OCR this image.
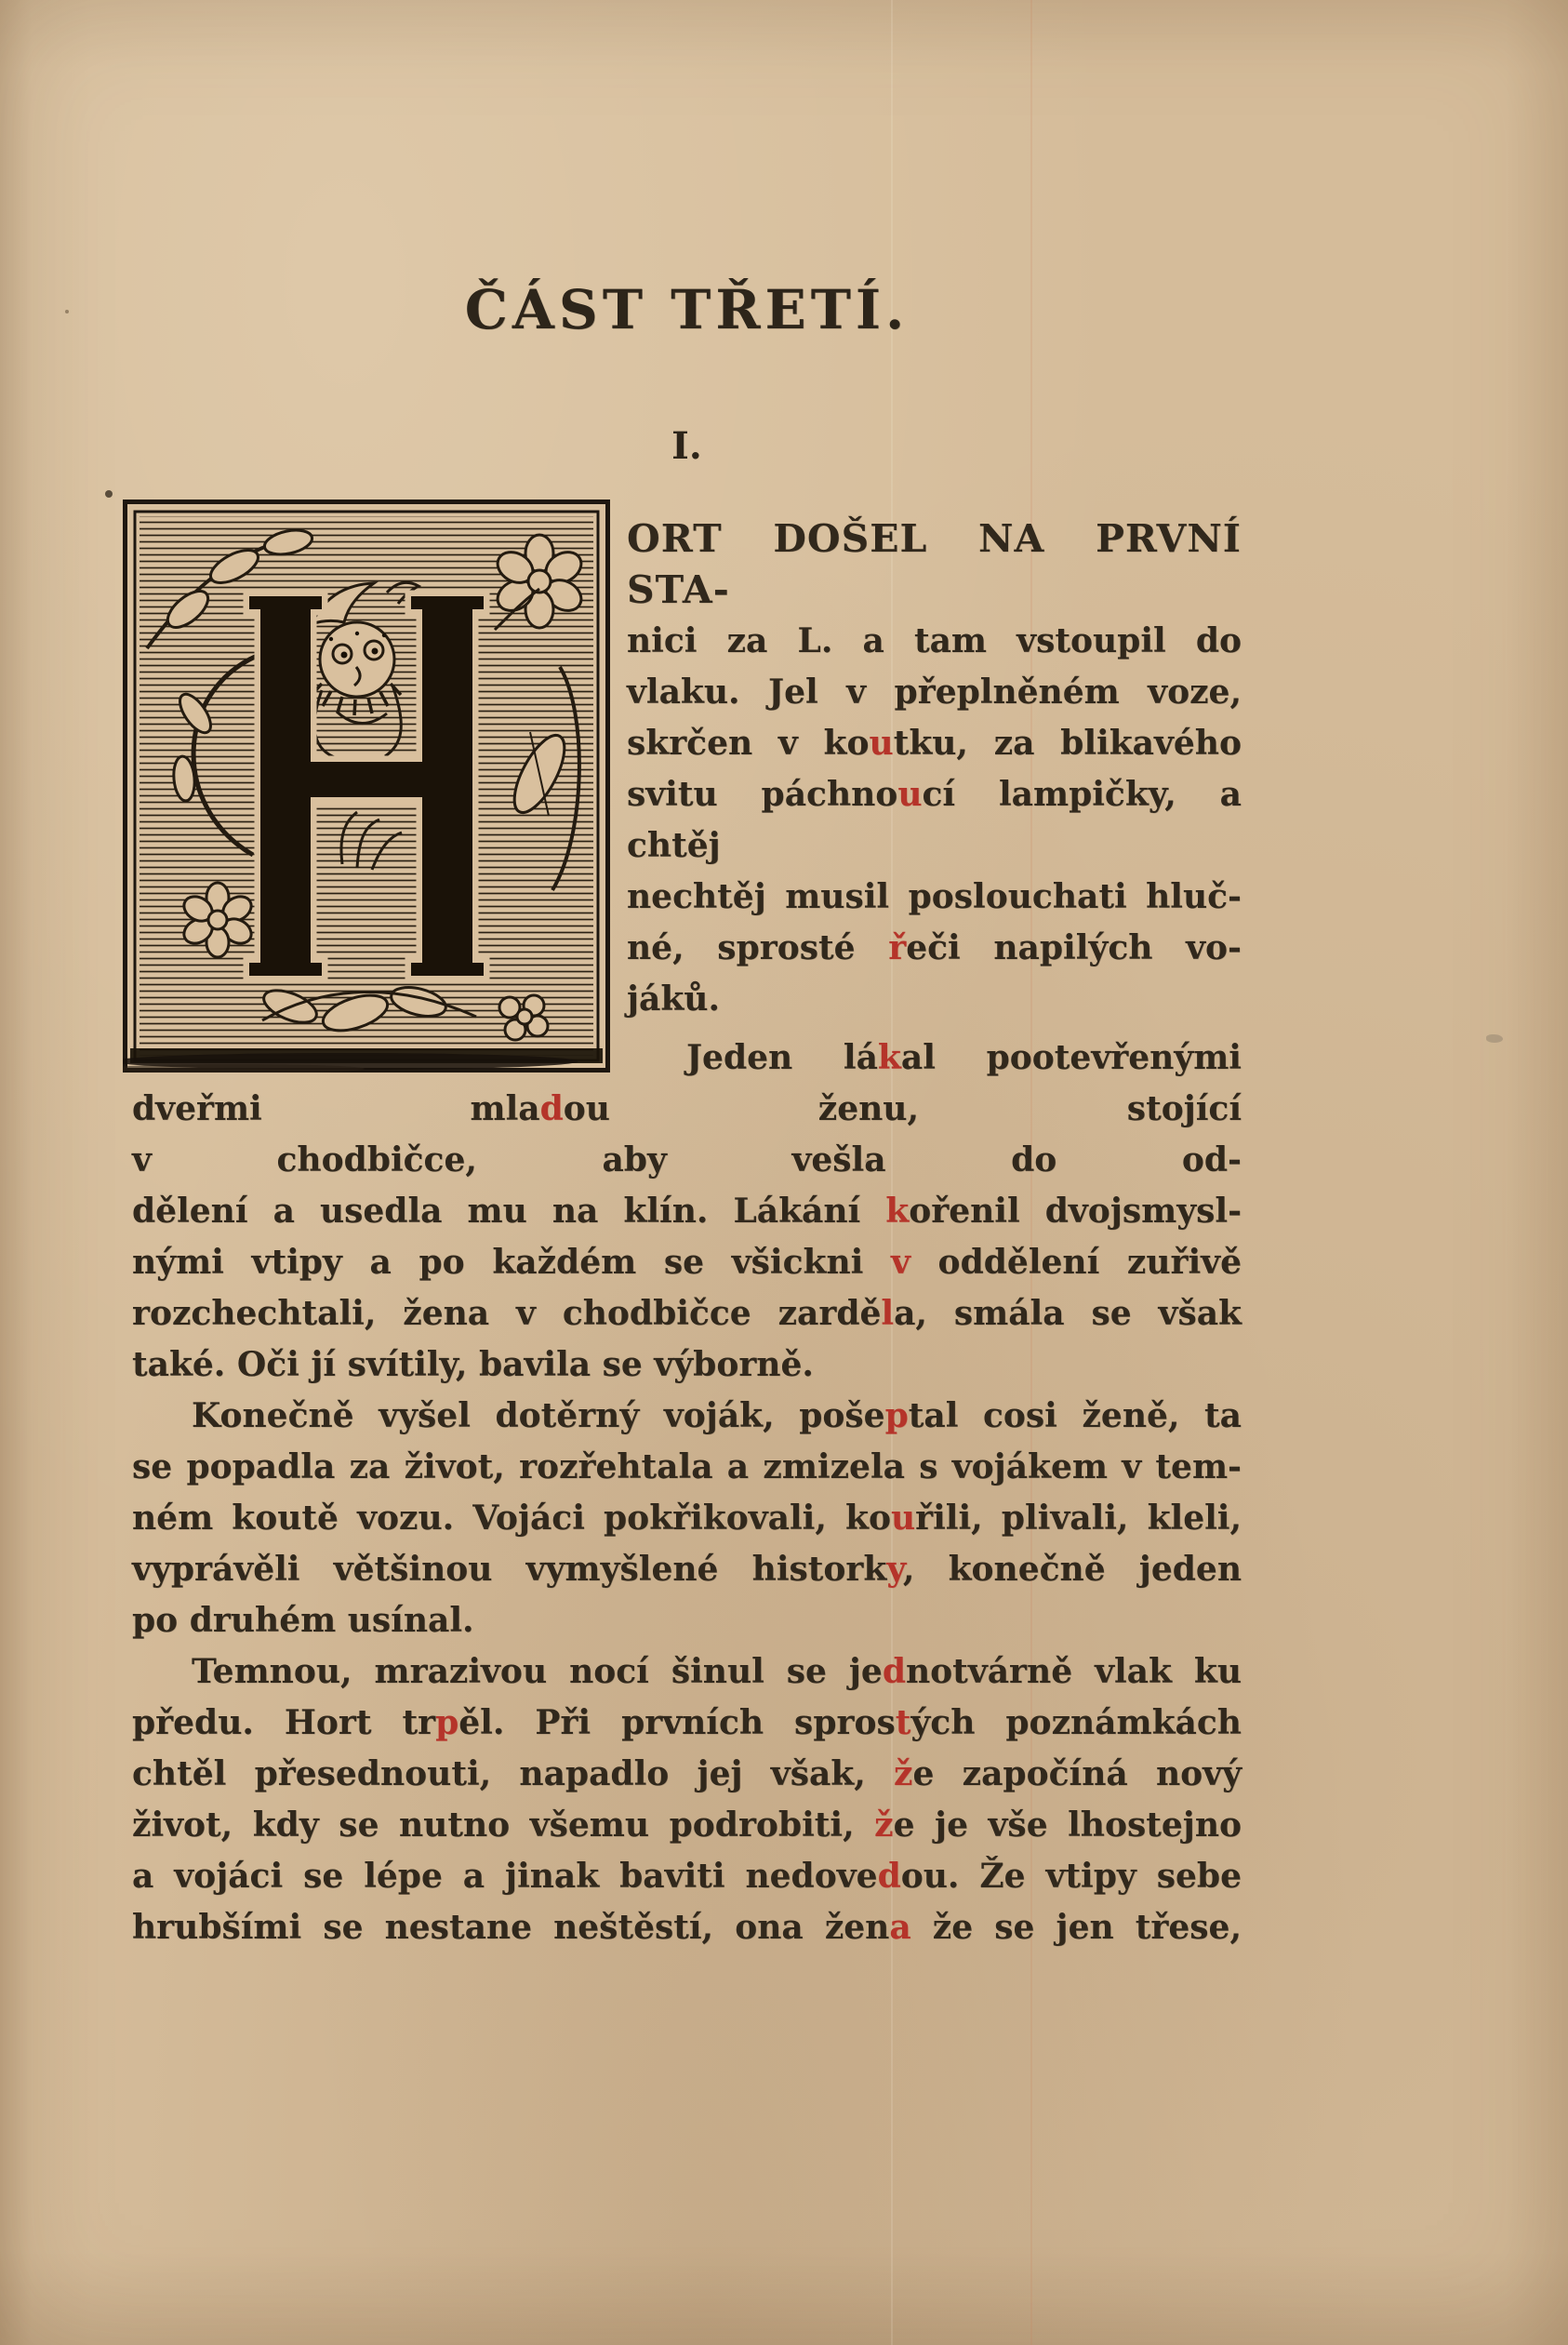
ČÁST TŘETÍ.
I.
ORT DOŠEL NA PRVNÍ STA-
nici za L. a tam vstoupil do
vlaku. Jel v přeplněném voze,
skrčen v koutku, za blikavého
svitu páchnoucí lampičky, a chtěj
nechtěj musil poslouchati hluč-
né, sprosté řeči napilých vo-
jáků.
Jeden lákal pootevřenými
dveřmi mladou ženu, stojící
v chodbičce, aby vešla do od-
dělení a usedla mu na klín. Lákání kořenil dvojsmysl-
nými vtipy a po každém se všickni v oddělení zuřivě
rozchechtali, žena v chodbičce zarděla, smála se však
také. Oči jí svítily, bavila se výborně.
Konečně vyšel dotěrný voják, pošeptal cosi ženě, ta
se popadla za život, rozřehtala a zmizela s vojákem v tem-
ném koutě vozu. Vojáci pokřikovali, kouřili, plivali, kleli,
vyprávěli většinou vymyšlené historky, konečně jeden
po druhém usínal.
Temnou, mrazivou nocí šinul se jednotvárně vlak ku
předu. Hort trpěl. Při prvních sprostých poznámkách
chtěl přesednouti, napadlo jej však, že započíná nový
život, kdy se nutno všemu podrobiti, že je vše lhostejno
a vojáci se lépe a jinak baviti nedovedou. Že vtipy sebe
hrubšími se nestane neštěstí, ona žena že se jen třese,
